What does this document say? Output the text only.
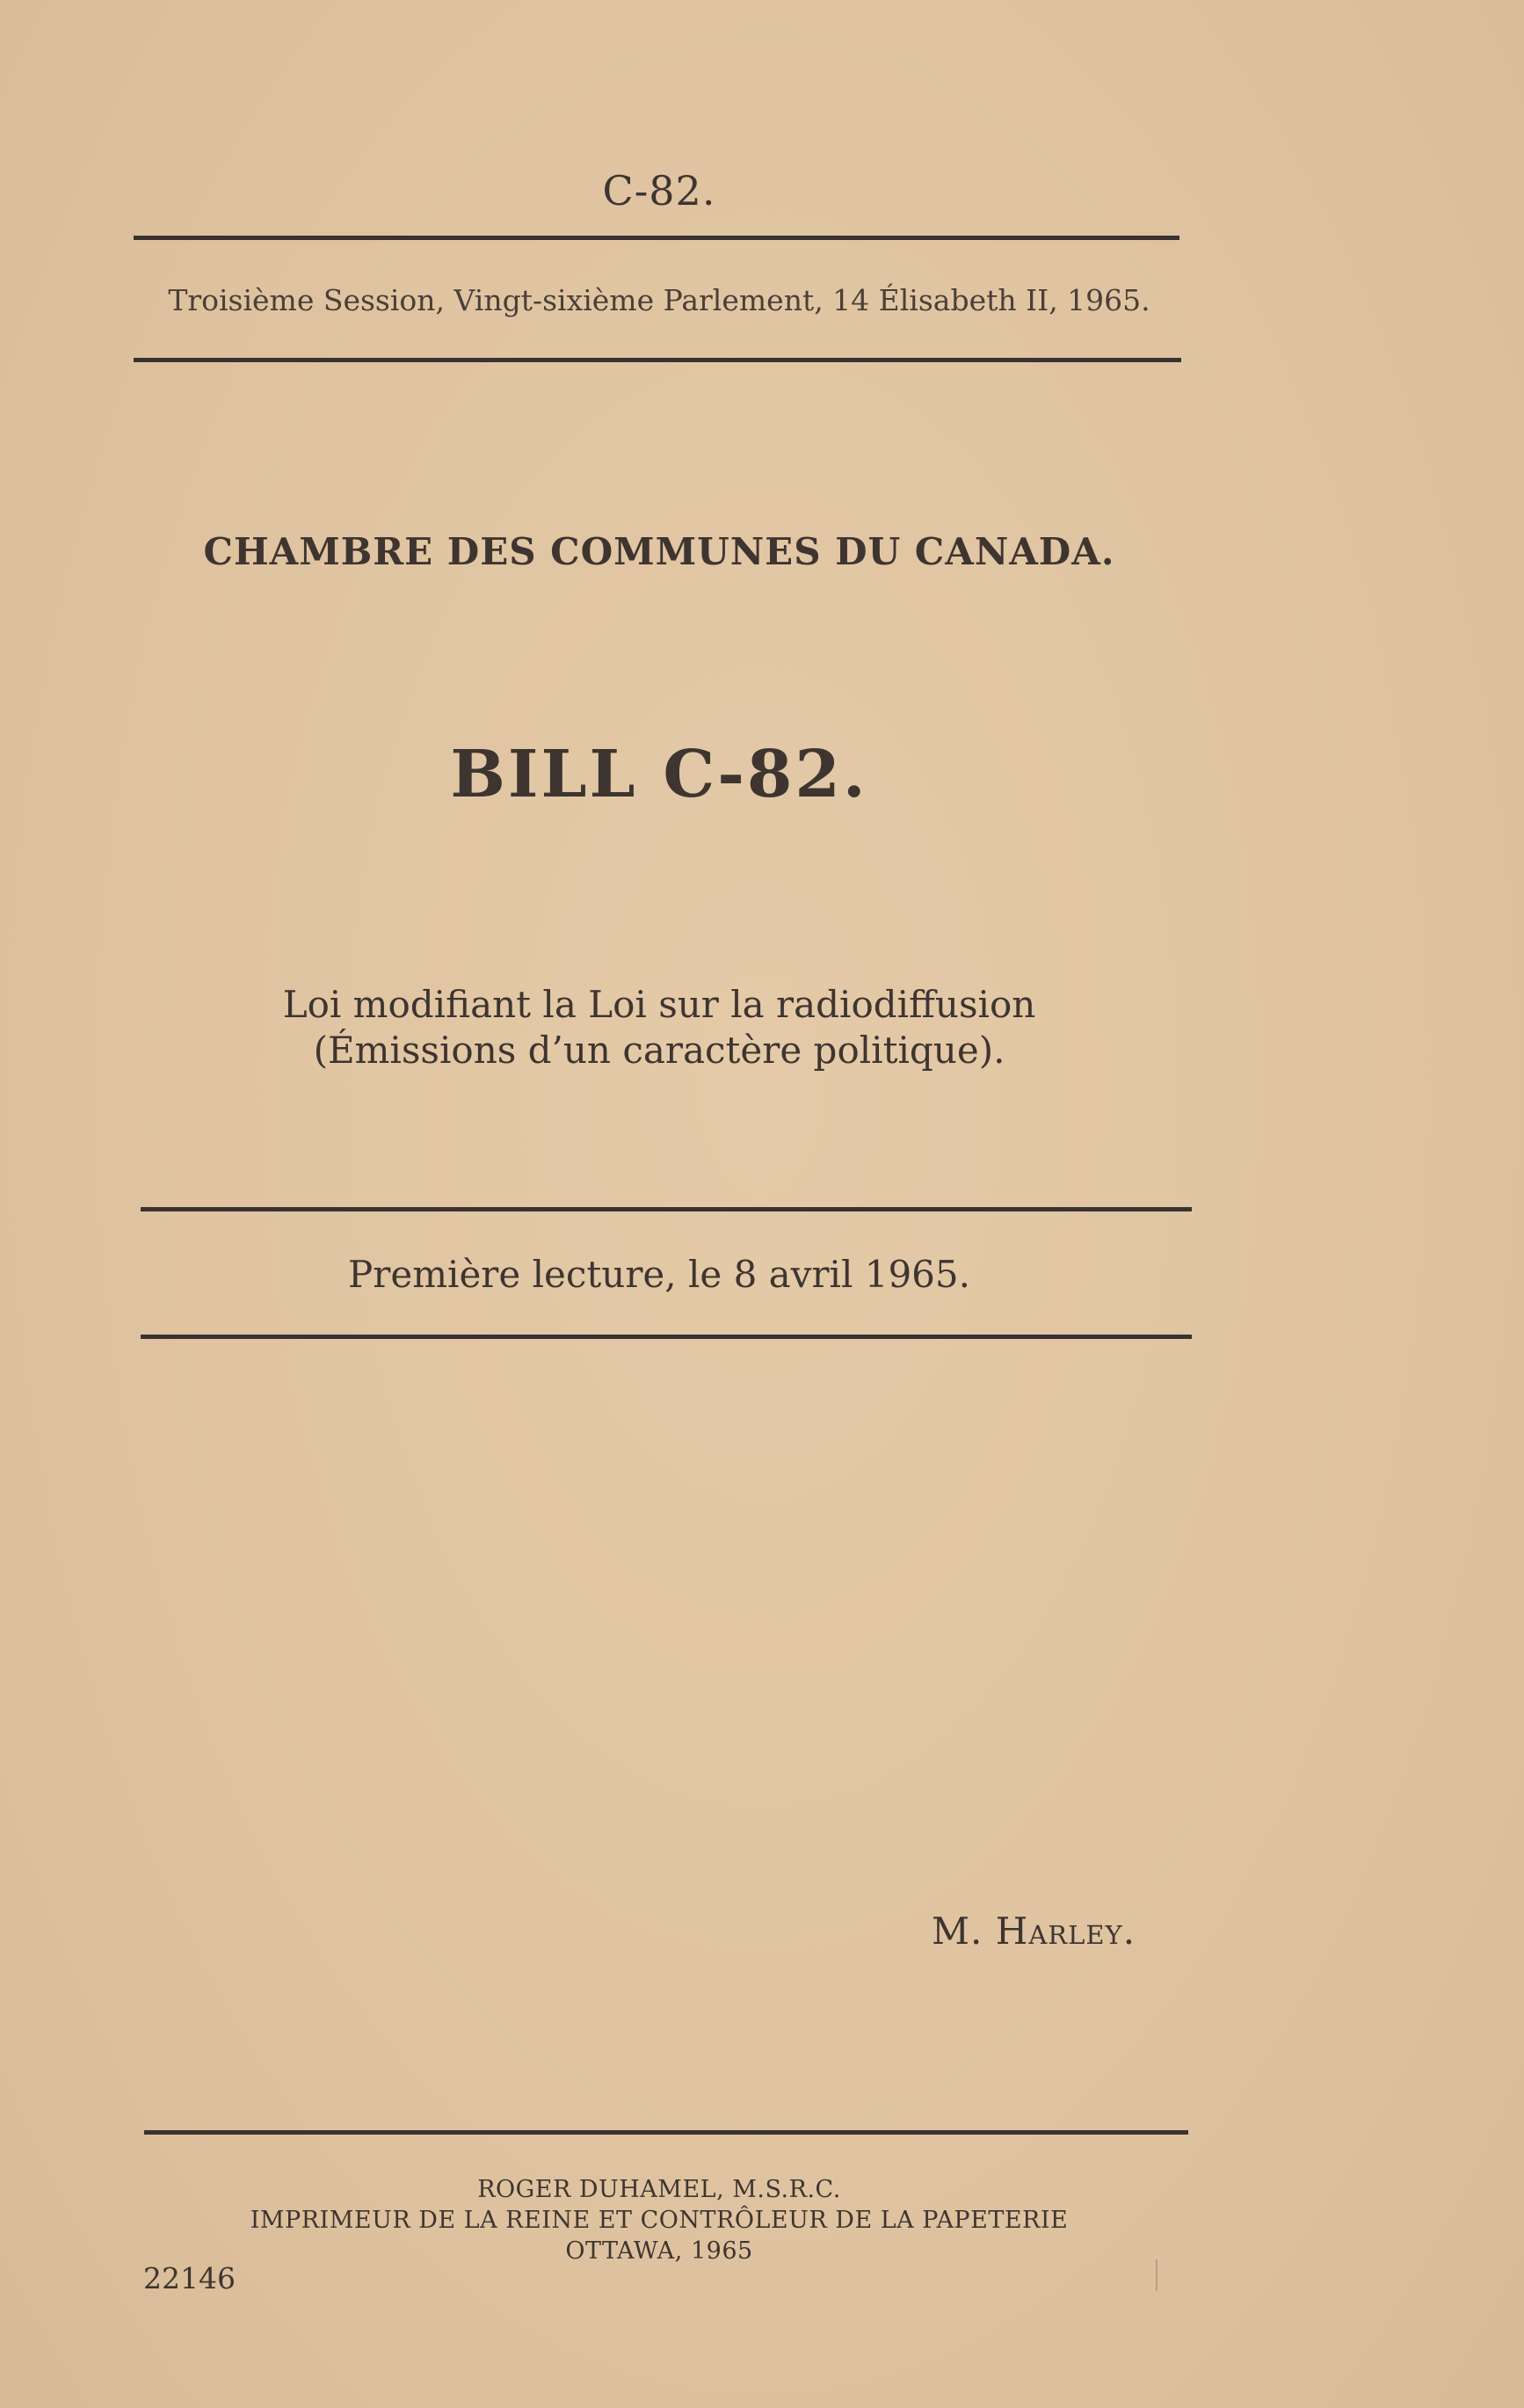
C-82.
Troisième Session, Vingt-sixième Parlement, 14 Élisabeth II, 1965.
CHAMBRE DES COMMUNES DU CANADA.
BILL C-82.
Loi modifiant la Loi sur la radiodiffusion
(Émissions d’un caractère politique).
Première lecture, le 8 avril 1965.
M. Harley.
ROGER DUHAMEL, M.S.R.C.
IMPRIMEUR DE LA REINE ET CONTRÔLEUR DE LA PAPETERIE
OTTAWA, 1965
22146
